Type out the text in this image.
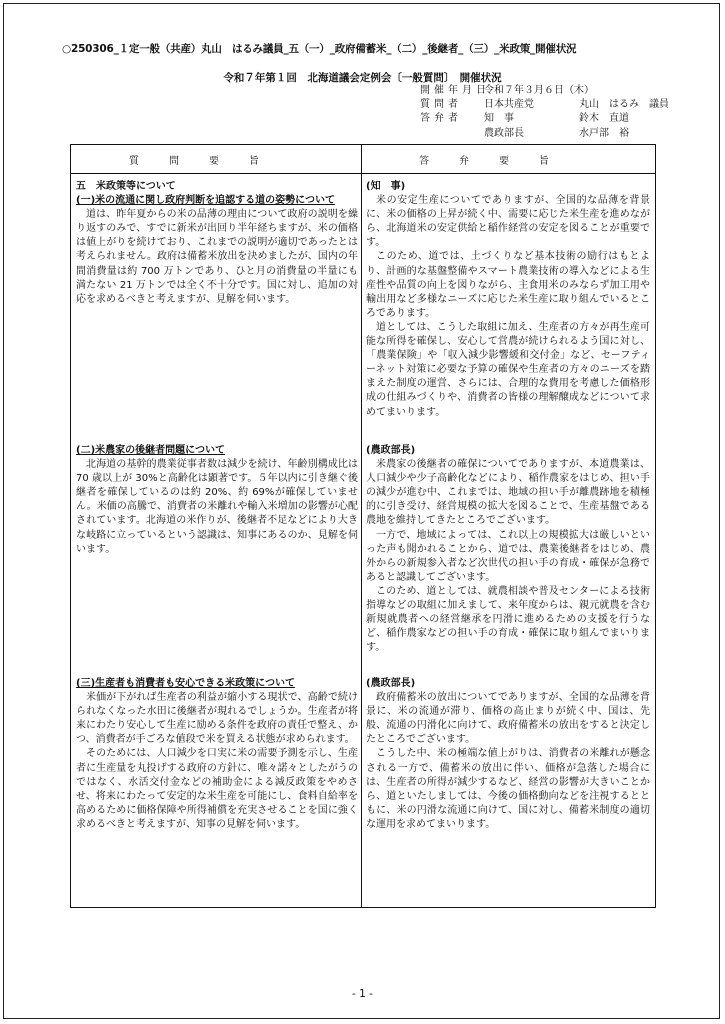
○250306_１定一般（共産）丸山　はるみ議員_五（一）_政府備蓄米_（二）_後継者_（三）_米政策_開催状況
令和７年第１回　北海道議会定例会〔一般質問〕　開催状況
開催年月日令和７年３月６日（木）
質問者 日本共産党	丸山　はるみ　議員
答弁者 知　事	鈴木　直道
農政部長	水戸部　裕
質問要旨	答弁要旨
五　米政策等について
(一)米の流通に関し政府判断を追認する道の姿勢について

道は、昨年夏からの米の品薄の理由について政府の説明を繰り返すのみで、すでに新米が出回り半年経ちますが、米の価格は値上がりを続けており、これまでの説明が適切であったとは考えられません。政府は備蓄米放出を決めましたが、国内の年間消費量は約 700 万トンであり、ひと月の消費量の半量にも満たない 21 万トンでは全く不十分です。国に対し、追加の対応を求めるべきと考えますが、見解を伺います。

(知　事)

米の安定生産についてでありますが、全国的な品薄を背景に、米の価格の上昇が続く中、需要に応じた米生産を進めながら、北海道米の安定供給と稲作経営の安定を図ることが重要です。

このため、道では、土づくりなど基本技術の励行はもとより、計画的な基盤整備やスマート農業技術の導入などによる生産性や品質の向上を図りながら、主食用米のみならず加工用や輸出用など多様なニーズに応じた米生産に取り組んでいるところであります。

道としては、こうした取組に加え、生産者の方々が再生産可能な所得を確保し、安心して営農が続けられるよう国に対し、「農業保険」や「収入減少影響緩和交付金」など、セーフティーネット対策に必要な予算の確保や生産者の方々のニーズを踏まえた制度の運営、さらには、合理的な費用を考慮した価格形成の仕組みづくりや、消費者の皆様の理解醸成などについて求めてまいります。

(二)米農家の後継者問題について

北海道の基幹的農業従事者数は減少を続け、年齢別構成比は 70 歳以上が 30%と高齢化は顕著です。５年以内に引き継ぐ後継者を確保しているのは約 20%、約 69%が確保していません。米価の高騰で、消費者の米離れや輸入米増加の影響が心配されています。北海道の米作りが、後継者不足などにより大きな岐路に立っているという認識は、知事にあるのか、見解を伺います。

(農政部長)

米農家の後継者の確保についてでありますが、本道農業は、人口減少や少子高齢化などにより、稲作農家をはじめ、担い手の減少が進む中、これまでは、地域の担い手が離農跡地を積極的に引き受け、経営規模の拡大を図ることで、生産基盤である農地を維持してきたところでございます。

一方で、地域によっては、これ以上の規模拡大は厳しいといった声も聞かれることから、道では、農業後継者をはじめ、農外からの新規参入者など次世代の担い手の育成・確保が急務であると認識してございます。

このため、道としては、就農相談や普及センターによる技術指導などの取組に加えまして、来年度からは、親元就農を含む新規就農者への経営継承を円滑に進めるための支援を行うなど、稲作農家などの担い手の育成・確保に取り組んでまいります。

(三)生産者も消費者も安心できる米政策について

米価が下がれば生産者の利益が縮小する現状で、高齢で続けられなくなった水田に後継者が現れるでしょうか。生産者が将来にわたり安心して生産に励める条件を政府の責任で整え、かつ、消費者が手ごろな値段で米を買える状態が求められます。

そのためには、人口減少を口実に米の需要予測を示し、生産者に生産量を丸投げする政府の方針に、唯々諾々としたがうのではなく、水活交付金などの補助金による減反政策をやめさせ、将来にわたって安定的な米生産を可能にし、食料自給率を高めるために価格保障や所得補償を充実させることを国に強く求めるべきと考えますが、知事の見解を伺います。

(農政部長)

政府備蓄米の放出についてでありますが、全国的な品薄を背景に、米の流通が滞り、価格の高止まりが続く中、国は、先般、流通の円滑化に向けて、政府備蓄米の放出をすると決定したところでございます。

こうした中、米の極端な値上がりは、消費者の米離れが懸念される一方で、備蓄米の放出に伴い、価格が急落した場合には、生産者の所得が減少するなど、経営の影響が大きいことから、道といたしましては、今後の価格動向などを注視するとともに、米の円滑な流通に向けて、国に対し、備蓄米制度の適切な運用を求めてまいります。

- 1 -
